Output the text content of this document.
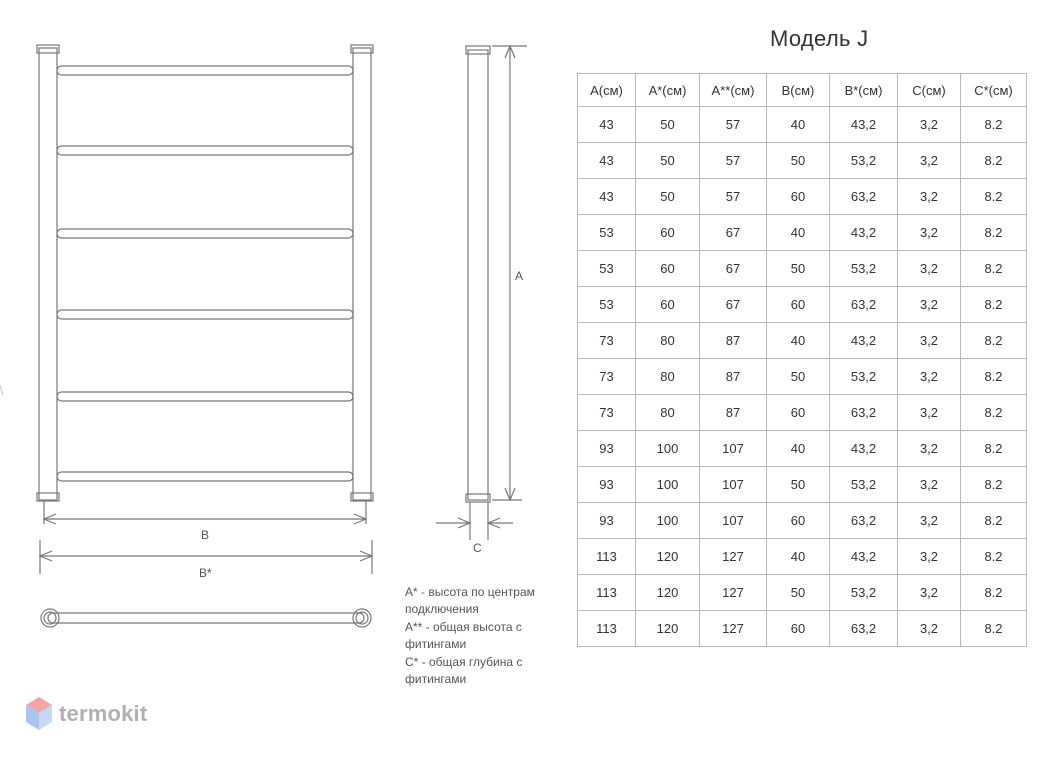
B
B*
A
C
Модель J
A(см)	A*(см)	A**(см)	B(см)	B*(см)	C(см)	C*(см)
43	50	57	40	43,2	3,2	8.2
43	50	57	50	53,2	3,2	8.2
43	50	57	60	63,2	3,2	8.2
53	60	67	40	43,2	3,2	8.2
53	60	67	50	53,2	3,2	8.2
53	60	67	60	63,2	3,2	8.2
73	80	87	40	43,2	3,2	8.2
73	80	87	50	53,2	3,2	8.2
73	80	87	60	63,2	3,2	8.2
93	100	107	40	43,2	3,2	8.2
93	100	107	50	53,2	3,2	8.2
93	100	107	60	63,2	3,2	8.2
113	120	127	40	43,2	3,2	8.2
113	120	127	50	53,2	3,2	8.2
113	120	127	60	63,2	3,2	8.2
A* - высота по центрам подключения
A** - общая высота с фитингами
C* - общая глубина с фитингами
termokit
